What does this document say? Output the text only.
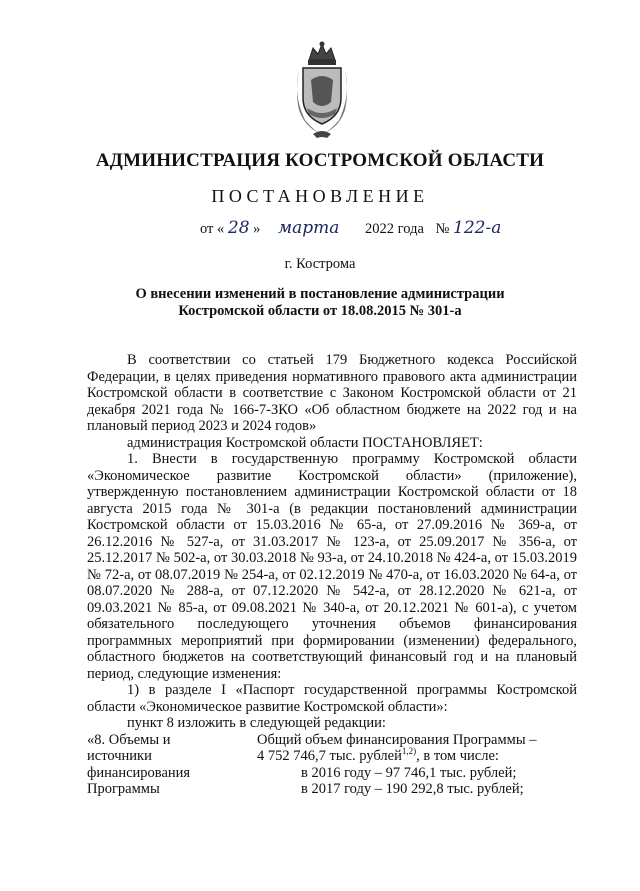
АДМИНИСТРАЦИЯ КОСТРОМСКОЙ ОБЛАСТИ
ПОСТАНОВЛЕНИЕ
от « 28 » марта 2022 года № 122-а
г. Кострома
О внесении изменений в постановление администрации
Костромской области от 18.08.2015 № 301-а

В соответствии со статьей 179 Бюджетного кодекса Российской Федерации, в целях приведения нормативного правового акта администрации Костромской области в соответствие с Законом Костромской области от 21 декабря 2021 года № 166-7-ЗКО «Об областном бюджете на 2022 год и на плановый период 2023 и 2024 годов»

администрация Костромской области ПОСТАНОВЛЯЕТ:

1. Внести в государственную программу Костромской области «Экономическое развитие Костромской области» (приложение), утвержденную постановлением администрации Костромской области от 18 августа 2015 года № 301-а (в редакции постановлений администрации Костромской области от 15.03.2016 № 65-а, от 27.09.2016 № 369-а, от 26.12.2016 № 527-а, от 31.03.2017 № 123-а, от 25.09.2017 № 356-а, от 25.12.2017 № 502-а, от 30.03.2018 № 93-а, от 24.10.2018 № 424-а, от 15.03.2019 № 72-а, от 08.07.2019 № 254-а, от 02.12.2019 № 470-а, от 16.03.2020 № 64-а, от 08.07.2020 № 288-а, от 07.12.2020 № 542-а, от 28.12.2020 № 621-а, от 09.03.2021 № 85-а, от 09.08.2021 № 340-а, от 20.12.2021 № 601-а), с учетом обязательного последующего уточнения объемов финансирования программных мероприятий при формировании (изменении) федерального, областного бюджетов на соответствующий финансовый год и на плановый период, следующие изменения:

1) в разделе I «Паспорт государственной программы Костромской области «Экономическое развитие Костромской области»:

пункт 8 изложить в следующей редакции:

«8. Объемы и
источники
финансирования
Программы
Общий объем финансирования Программы –
4 752 746,7 тыс. рублей$^{1,2)}$, в том числе:
в 2016 году – 97 746,1 тыс. рублей;
в 2017 году – 190 292,8 тыс. рублей;
